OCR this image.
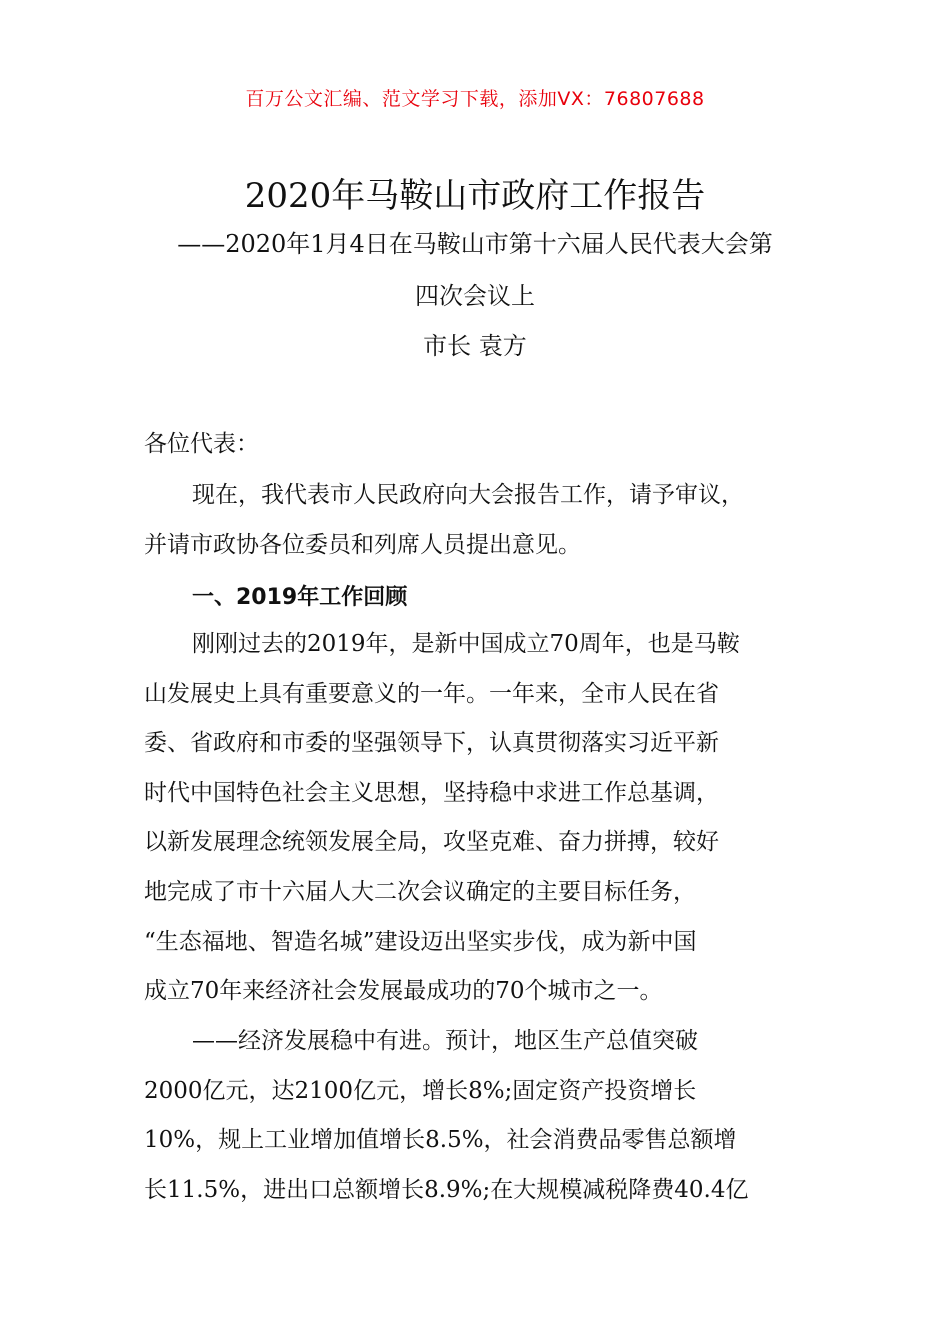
百万公文汇编、范文学习下载，添加VX：76807688
2020年马鞍山市政府工作报告
——2020年1月4日在马鞍山市第十六届人民代表大会第
四次会议上
市长 袁方
各位代表：
现在，我代表市人民政府向大会报告工作，请予审议，
并请市政协各位委员和列席人员提出意见。
一、2019年工作回顾
刚刚过去的2019年，是新中国成立70周年，也是马鞍
山发展史上具有重要意义的一年。一年来，全市人民在省
委、省政府和市委的坚强领导下，认真贯彻落实习近平新
时代中国特色社会主义思想，坚持稳中求进工作总基调，
以新发展理念统领发展全局，攻坚克难、奋力拼搏，较好
地完成了市十六届人大二次会议确定的主要目标任务，
“生态福地、智造名城”建设迈出坚实步伐，成为新中国
成立70年来经济社会发展最成功的70个城市之一。
——经济发展稳中有进。预计，地区生产总值突破
2000亿元，达2100亿元，增长8%;固定资产投资增长
10%，规上工业增加值增长8.5%，社会消费品零售总额增
长11.5%，进出口总额增长8.9%;在大规模减税降费40.4亿
